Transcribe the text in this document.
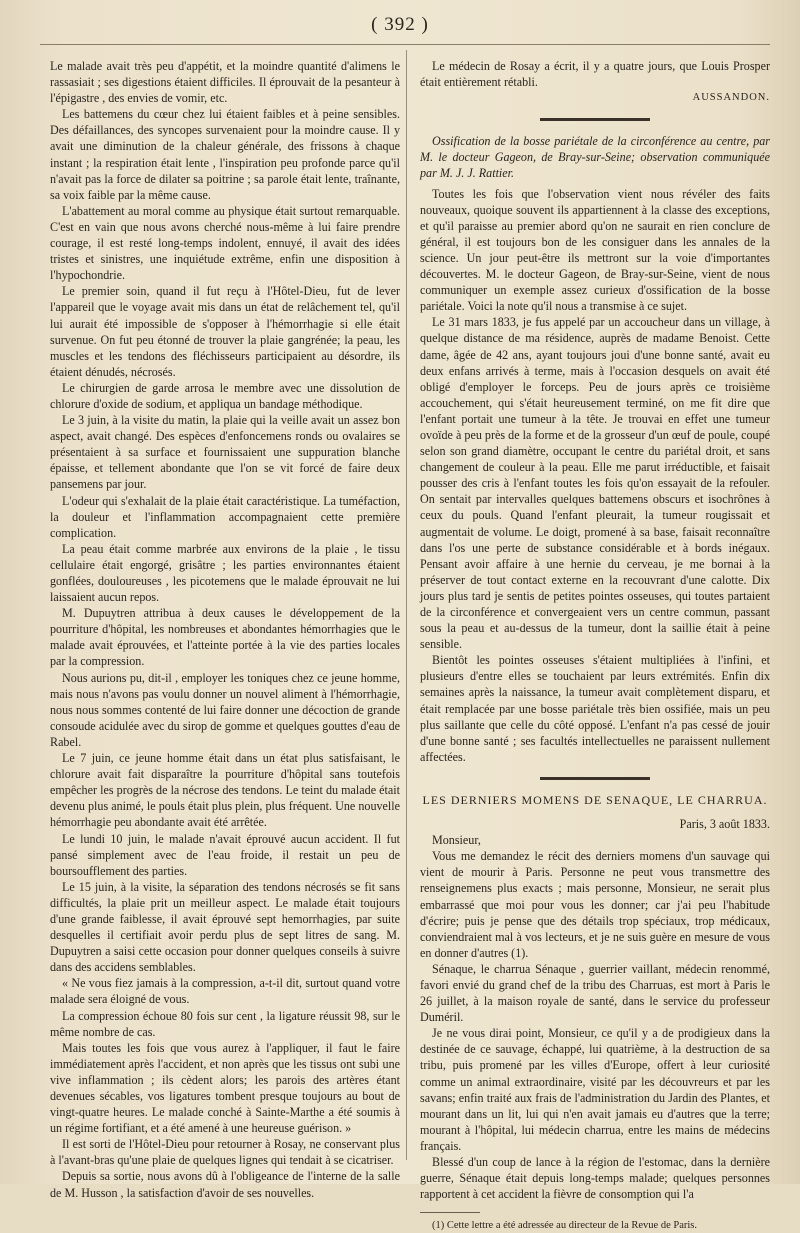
( 392 )

Le malade avait très peu d'appétit, et la moindre quantité d'alimens le rassasiait ; ses digestions étaient difficiles. Il éprouvait de la pesanteur à l'épigastre , des envies de vomir, etc.

Les battemens du cœur chez lui étaient faibles et à peine sensibles. Des défaillances, des syncopes survenaient pour la moindre cause. Il y avait une diminution de la chaleur générale, des frissons à chaque instant ; la respiration était lente , l'inspiration peu profonde parce qu'il n'avait pas la force de dilater sa poitrine ; sa parole était lente, traînante, sa voix faible par la même cause.

L'abattement au moral comme au physique était surtout remarquable. C'est en vain que nous avons cherché nous-même à lui faire prendre courage, il est resté long-temps indolent, ennuyé, il avait des idées tristes et sinistres, une inquiétude extrême, enfin une disposition à l'hypochondrie.

Le premier soin, quand il fut reçu à l'Hôtel-Dieu, fut de lever l'appareil que le voyage avait mis dans un état de relâchement tel, qu'il lui aurait été impossible de s'opposer à l'hémorrhagie si elle était survenue. On fut peu étonné de trouver la plaie gangrénée; la peau, les muscles et les tendons des fléchisseurs participaient au désordre, ils étaient dénudés, nécrosés.

Le chirurgien de garde arrosa le membre avec une dissolution de chlorure d'oxide de sodium, et appliqua un bandage méthodique.

Le 3 juin, à la visite du matin, la plaie qui la veille avait un assez bon aspect, avait changé. Des espèces d'enfoncemens ronds ou ovalaires se présentaient à sa surface et fournissaient une suppuration blanche épaisse, et tellement abondante que l'on se vit forcé de faire deux pansemens par jour.

L'odeur qui s'exhalait de la plaie était caractéristique. La tuméfaction, la douleur et l'inflammation accompagnaient cette première complication.

La peau était comme marbrée aux environs de la plaie , le tissu cellulaire était engorgé, grisâtre ; les parties environnantes étaient gonflées, douloureuses , les picotemens que le malade éprouvait ne lui laissaient aucun repos.

M. Dupuytren attribua à deux causes le développement de la pourriture d'hôpital, les nombreuses et abondantes hémorrhagies que le malade avait éprouvées, et l'atteinte portée à la vie des parties locales par la compression.

Nous aurions pu, dit-il , employer les toniques chez ce jeune homme, mais nous n'avons pas voulu donner un nouvel aliment à l'hémorrhagie, nous nous sommes contenté de lui faire donner une décoction de grande consoude acidulée avec du sirop de gomme et quelques gouttes d'eau de Rabel.

Le 7 juin, ce jeune homme était dans un état plus satisfaisant, le chlorure avait fait disparaître la pourriture d'hôpital sans toutefois empêcher les progrès de la nécrose des tendons. Le teint du malade était devenu plus animé, le pouls était plus plein, plus fréquent. Une nouvelle hémorrhagie peu abondante avait été arrêtée.

Le lundi 10 juin, le malade n'avait éprouvé aucun accident. Il fut pansé simplement avec de l'eau froide, il restait un peu de boursoufflement des parties.

Le 15 juin, à la visite, la séparation des tendons nécrosés se fit sans difficultés, la plaie prit un meilleur aspect. Le malade était toujours d'une grande faiblesse, il avait éprouvé sept hemorrhagies, par suite desquelles il certifiait avoir perdu plus de sept litres de sang. M. Dupuytren a saisi cette occasion pour donner quelques conseils à suivre dans des accidens semblables.

« Ne vous fiez jamais à la compression, a-t-il dit, surtout quand votre malade sera éloigné de vous.

La compression échoue 80 fois sur cent , la ligature réussit 98, sur le même nombre de cas.

Mais toutes les fois que vous aurez à l'appliquer, il faut le faire immédiatement après l'accident, et non après que les tissus ont subi une vive inflammation ; ils cèdent alors; les parois des artères étant devenues sécables, vos ligatures tombent presque toujours au bout de vingt-quatre heures. Le malade conché à Sainte-Marthe a été soumis à un régime fortifiant, et a été amené à une heureuse guérison. »

Il est sorti de l'Hôtel-Dieu pour retourner à Rosay, ne conservant plus à l'avant-bras qu'une plaie de quelques lignes qui tendait à se cicatriser.

Depuis sa sortie, nous avons dû à l'obligeance de l'interne de la salle de M. Husson , la satisfaction d'avoir de ses nouvelles.

Le médecin de Rosay a écrit, il y a quatre jours, que Louis Prosper était entièrement rétabli.

AUSSANDON.

Ossification de la bosse pariétale de la circonférence au centre, par M. le docteur Gageon, de Bray-sur-Seine; observation communiquée par M. J. J. Rattier.

Toutes les fois que l'observation vient nous révéler des faits nouveaux, quoique souvent ils appartiennent à la classe des exceptions, et qu'il paraisse au premier abord qu'on ne saurait en rien conclure de général, il est toujours bon de les consiguer dans les annales de la science. Un jour peut-être ils mettront sur la voie d'importantes découvertes. M. le docteur Gageon, de Bray-sur-Seine, vient de nous communiquer un exemple assez curieux d'ossification de la bosse pariétale. Voici la note qu'il nous a transmise à ce sujet.

Le 31 mars 1833, je fus appelé par un accoucheur dans un village, à quelque distance de ma résidence, auprès de madame Benoist. Cette dame, âgée de 42 ans, ayant toujours joui d'une bonne santé, avait eu deux enfans arrivés à terme, mais à l'occasion desquels on avait été obligé d'employer le forceps. Peu de jours après ce troisième accouchement, qui s'était heureusement terminé, on me fit dire que l'enfant portait une tumeur à la tête. Je trouvai en effet une tumeur ovoïde à peu près de la forme et de la grosseur d'un œuf de poule, coupé selon son grand diamètre, occupant le centre du pariétal droit, et sans changement de couleur à la peau. Elle me parut irréductible, et faisait pousser des cris à l'enfant toutes les fois qu'on essayait de la refouler. On sentait par intervalles quelques battemens obscurs et isochrônes à ceux du pouls. Quand l'enfant pleurait, la tumeur rougissait et augmentait de volume. Le doigt, promené à sa base, faisait reconnaître dans l'os une perte de substance considérable et à bords inégaux. Pensant avoir affaire à une hernie du cerveau, je me bornai à la préserver de tout contact externe en la recouvrant d'une calotte. Dix jours plus tard je sentis de petites pointes osseuses, qui toutes partaient de la circonférence et convergeaient vers un centre commun, passant sous la peau et au-dessus de la tumeur, dont la saillie était à peine sensible.

Bientôt les pointes osseuses s'étaient multipliées à l'infini, et plusieurs d'entre elles se touchaient par leurs extrémités. Enfin dix semaines après la naissance, la tumeur avait complètement disparu, et était remplacée par une bosse pariétale très bien ossifiée, mais un peu plus saillante que celle du côté opposé. L'enfant n'a pas cessé de jouir d'une bonne santé ; ses facultés intellectuelles ne paraissent nullement affectées.

LES DERNIERS MOMENS DE SENAQUE, LE CHARRUA.

Paris, 3 août 1833.

Monsieur,

Vous me demandez le récit des derniers momens d'un sauvage qui vient de mourir à Paris. Personne ne peut vous transmettre des renseignemens plus exacts ; mais personne, Monsieur, ne serait plus embarrassé que moi pour vous les donner; car j'ai peu l'habitude d'écrire; puis je pense que des détails trop spéciaux, trop médicaux, conviendraient mal à vos lecteurs, et je ne suis guère en mesure de vous en donner d'autres (1).

Sénaque, le charrua Sénaque , guerrier vaillant, médecin renommé, favori envié du grand chef de la tribu des Charruas, est mort à Paris le 26 juillet, à la maison royale de santé, dans le service du professeur Duméril.

Je ne vous dirai point, Monsieur, ce qu'il y a de prodigieux dans la destinée de ce sauvage, échappé, lui quatrième, à la destruction de sa tribu, puis promené par les villes d'Europe, offert à leur curiosité comme un animal extraordinaire, visité par les découvreurs et par les savans; enfin traité aux frais de l'administration du Jardin des Plantes, et mourant dans un lit, lui qui n'en avait jamais eu d'autres que la terre; mourant à l'hôpital, lui médecin charrua, entre les mains de médecins français.

Blessé d'un coup de lance à la région de l'estomac, dans la dernière guerre, Sénaque était depuis long-temps malade; quelques personnes rapportent à cet accident la fièvre de consomption qui l'a

(1) Cette lettre a été adressée au directeur de la Revue de Paris.
